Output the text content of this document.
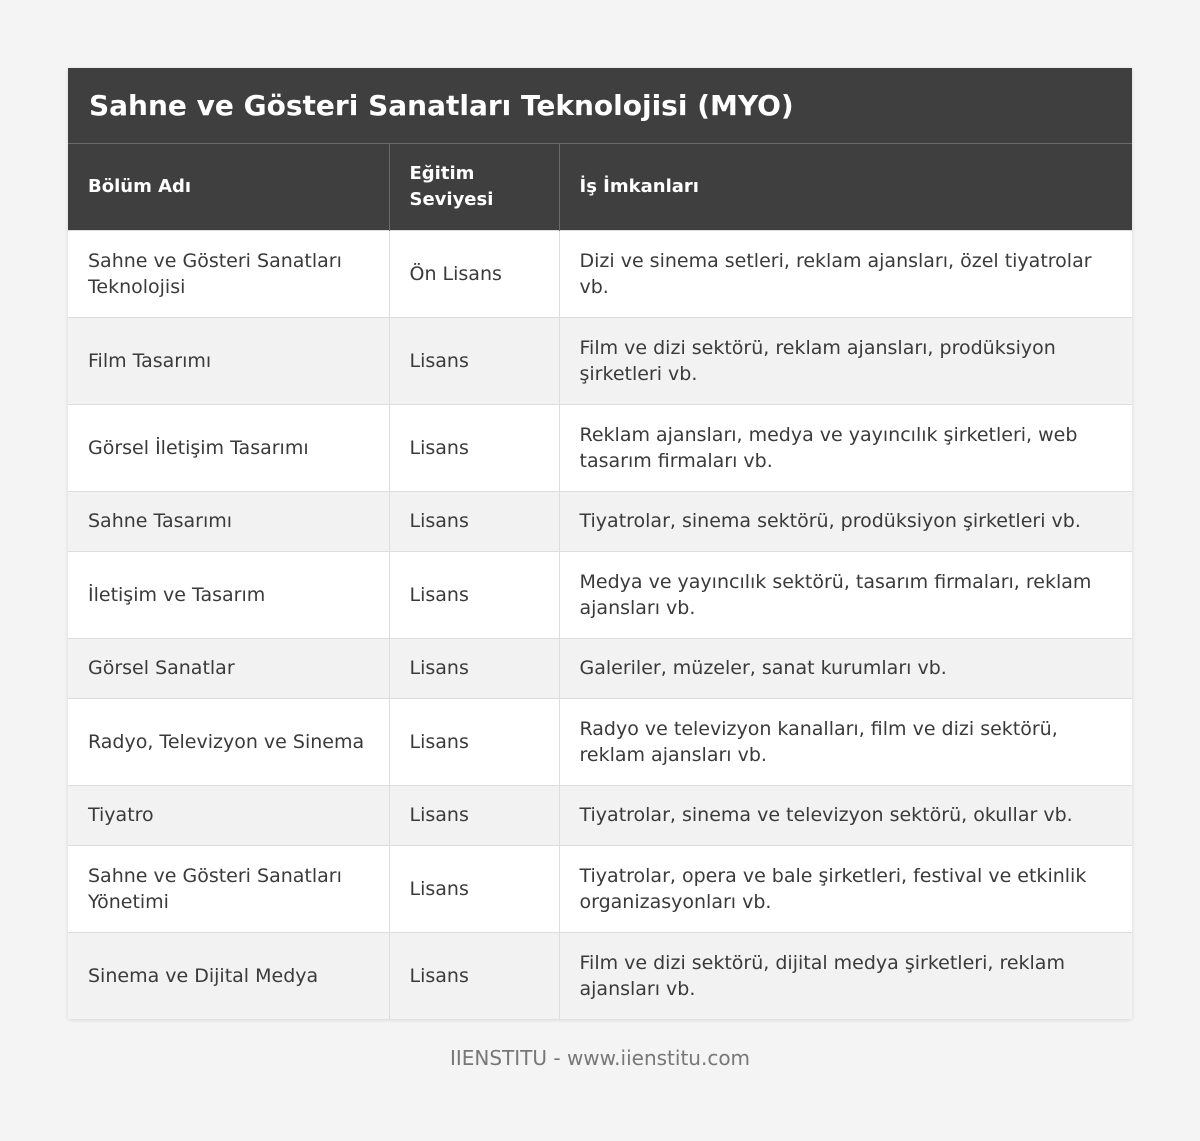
Sahne ve Gösteri Sanatları Teknolojisi (MYO)
Bölüm Adı	Eğitim Seviyesi	İş İmkanları
Sahne ve Gösteri Sanatları Teknolojisi	Ön Lisans	Dizi ve sinema setleri, reklam ajansları, özel tiyatrolar vb.
Film Tasarımı	Lisans	Film ve dizi sektörü, reklam ajansları, prodüksiyon şirketleri vb.
Görsel İletişim Tasarımı	Lisans	Reklam ajansları, medya ve yayıncılık şirketleri, web tasarım firmaları vb.
Sahne Tasarımı	Lisans	Tiyatrolar, sinema sektörü, prodüksiyon şirketleri vb.
İletişim ve Tasarım	Lisans	Medya ve yayıncılık sektörü, tasarım firmaları, reklam ajansları vb.
Görsel Sanatlar	Lisans	Galeriler, müzeler, sanat kurumları vb.
Radyo, Televizyon ve Sinema	Lisans	Radyo ve televizyon kanalları, film ve dizi sektörü, reklam ajansları vb.
Tiyatro	Lisans	Tiyatrolar, sinema ve televizyon sektörü, okullar vb.
Sahne ve Gösteri Sanatları Yönetimi	Lisans	Tiyatrolar, opera ve bale şirketleri, festival ve etkinlik organizasyonları vb.
Sinema ve Dijital Medya	Lisans	Film ve dizi sektörü, dijital medya şirketleri, reklam ajansları vb.
IIENSTITU - www.iienstitu.com
